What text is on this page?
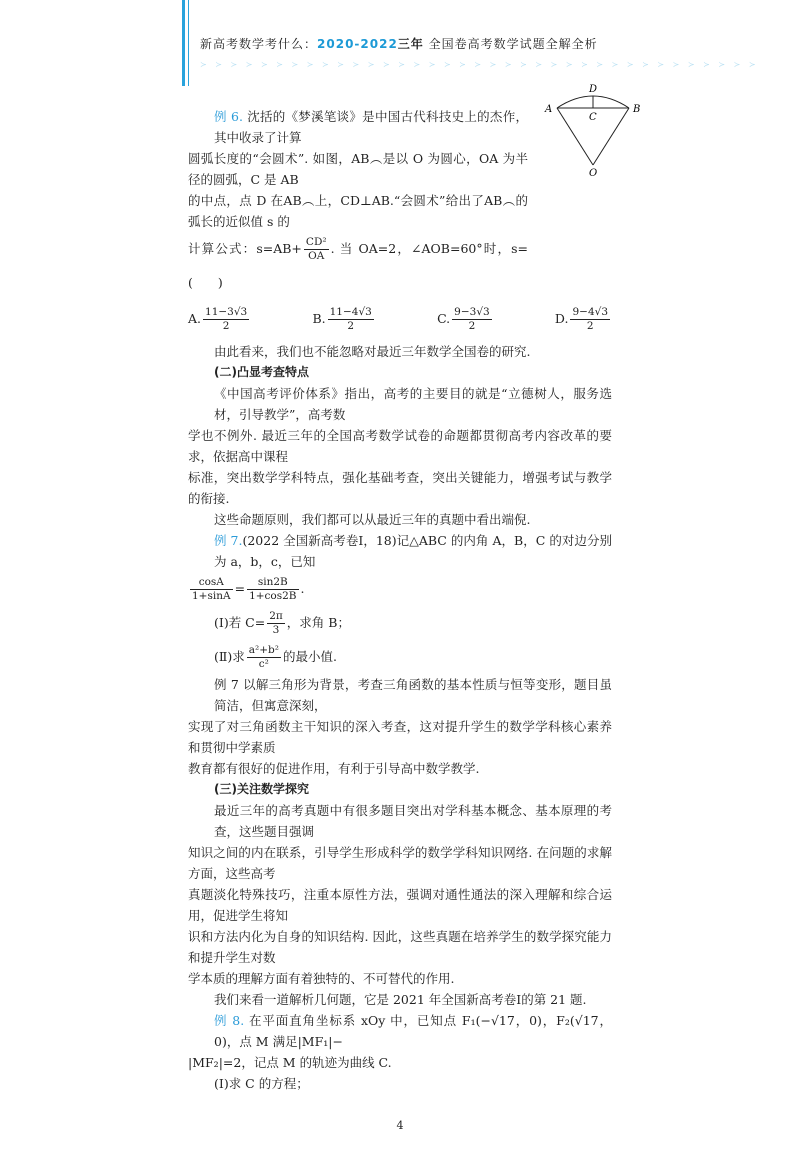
新高考数学考什么：2020-2022三年 全国卷高考数学试题全解全析
≻ ≻ ≻ ≻ ≻ ≻ ≻ ≻ ≻ ≻ ≻ ≻ ≻ ≻ ≻ ≻ ≻ ≻ ≻ ≻ ≻ ≻ ≻ ≻ ≻ ≻ ≻ ≻ ≻ ≻ ≻ ≻ ≻ ≻ ≻ ≻ ≻
例 6. 沈括的《梦溪笔谈》是中国古代科技史上的杰作，其中收录了计算
圆弧长度的“会圆术”. 如图，AB︵是以 O 为圆心，OA 为半径的圆弧，C 是 AB
的中点，点 D 在AB︵上，CD⊥AB.“会圆术”给出了AB︵的弧长的近似值 s 的
计算公式：$s=AB+ \frac{\text{CD²}}{OA}$ . 当 OA=2，∠AOB=60°时，s= (　　)
A	B
C
D
O
A. $\frac{11-3√3}{2}$	B. $\frac{11-4√3}{2}$	C. $\frac{9-3√3}{2}$	D. $\frac{9-4√3}{2}$
由此看来，我们也不能忽略对最近三年数学全国卷的研究.
(二)凸显考查特点
《中国高考评价体系》指出，高考的主要目的就是“立德树人，服务选材，引导教学”，高考数
学也不例外. 最近三年的全国高考数学试卷的命题都贯彻高考内容改革的要求，依据高中课程
标准，突出数学学科特点，强化基础考查，突出关键能力，增强考试与教学的衔接.
这些命题原则，我们都可以从最近三年的真题中看出端倪.
例 7.(2022 全国新高考卷Ⅰ，18)记△ABC 的内角 A，B，C 的对边分别为 a，b，c，已知
$\frac{\cos A}{1+\sin A} = \frac{\sin 2B}{1+\cos 2B}$ .
(Ⅰ)若 $C= \frac{2\pi}{3}$ ，求角 B；
(Ⅱ)求 $\frac{\text{a²+b²}}{\text{c²}}$ 的最小值.
例 7 以解三角形为背景，考查三角函数的基本性质与恒等变形，题目虽简洁，但寓意深刻，
实现了对三角函数主干知识的深入考查，这对提升学生的数学学科核心素养和贯彻中学素质
教育都有很好的促进作用，有利于引导高中数学教学.
(三)关注数学探究
最近三年的高考真题中有很多题目突出对学科基本概念、基本原理的考查，这些题目强调
知识之间的内在联系，引导学生形成科学的数学学科知识网络. 在问题的求解方面，这些高考
真题淡化特殊技巧，注重本原性方法，强调对通性通法的深入理解和综合运用，促进学生将知
识和方法内化为自身的知识结构. 因此，这些真题在培养学生的数学探究能力和提升学生对数
学本质的理解方面有着独特的、不可替代的作用.
我们来看一道解析几何题，它是 2021 年全国新高考卷Ⅰ的第 21 题.
例 8. 在平面直角坐标系 xOy 中，已知点 F₁(−√17，0)，F₂(√17，0)，点 M 满足|MF₁|−
|MF₂|=2，记点 M 的轨迹为曲线 C.
(Ⅰ)求 C 的方程；
4
